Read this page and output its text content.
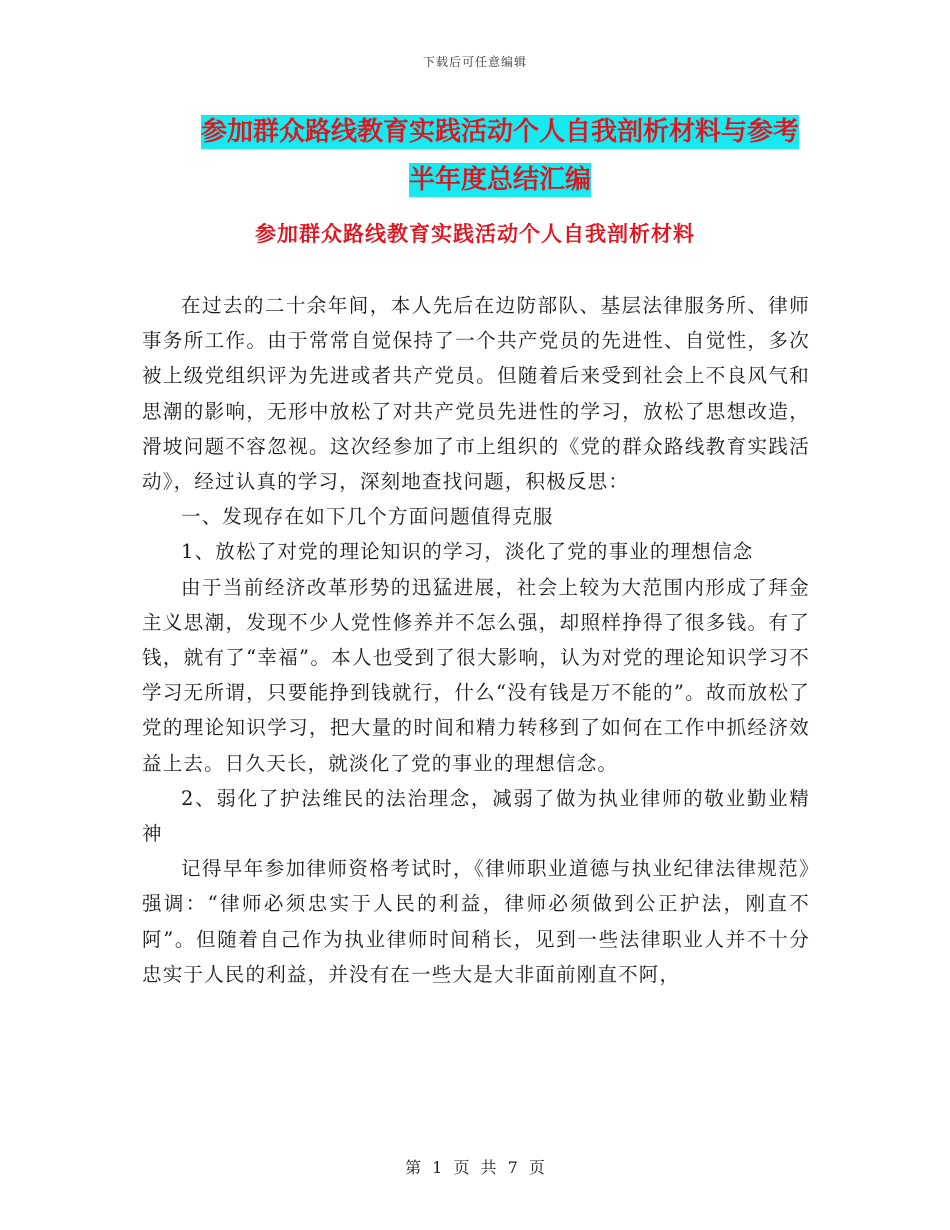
下载后可任意编辑
参加群众路线教育实践活动个人自我剖析材料与参考
半年度总结汇编
参加群众路线教育实践活动个人自我剖析材料

在过去的二十余年间，本人先后在边防部队、基层法律服务所、律师事务所工作。由于常常自觉保持了一个共产党员的先进性、自觉性，多次被上级党组织评为先进或者共产党员。但随着后来受到社会上不良风气和思潮的影响，无形中放松了对共产党员先进性的学习，放松了思想改造，滑坡问题不容忽视。这次经参加了市上组织的《党的群众路线教育实践活动》，经过认真的学习，深刻地查找问题，积极反思：

一、发现存在如下几个方面问题值得克服

1、放松了对党的理论知识的学习，淡化了党的事业的理想信念

由于当前经济改革形势的迅猛进展，社会上较为大范围内形成了拜金主义思潮，发现不少人党性修养并不怎么强，却照样挣得了很多钱。有了钱，就有了“幸福”。本人也受到了很大影响，认为对党的理论知识学习不学习无所谓，只要能挣到钱就行，什么“没有钱是万不能的”。故而放松了党的理论知识学习，把大量的时间和精力转移到了如何在工作中抓经济效益上去。日久天长，就淡化了党的事业的理想信念。

2、弱化了护法维民的法治理念，减弱了做为执业律师的敬业勤业精神

记得早年参加律师资格考试时，《律师职业道德与执业纪律法律规范》强调：“律师必须忠实于人民的利益，律师必须做到公正护法，刚直不阿”。但随着自己作为执业律师时间稍长，见到一些法律职业人并不十分忠实于人民的利益，并没有在一些大是大非面前刚直不阿，

第 1 页 共 7 页
